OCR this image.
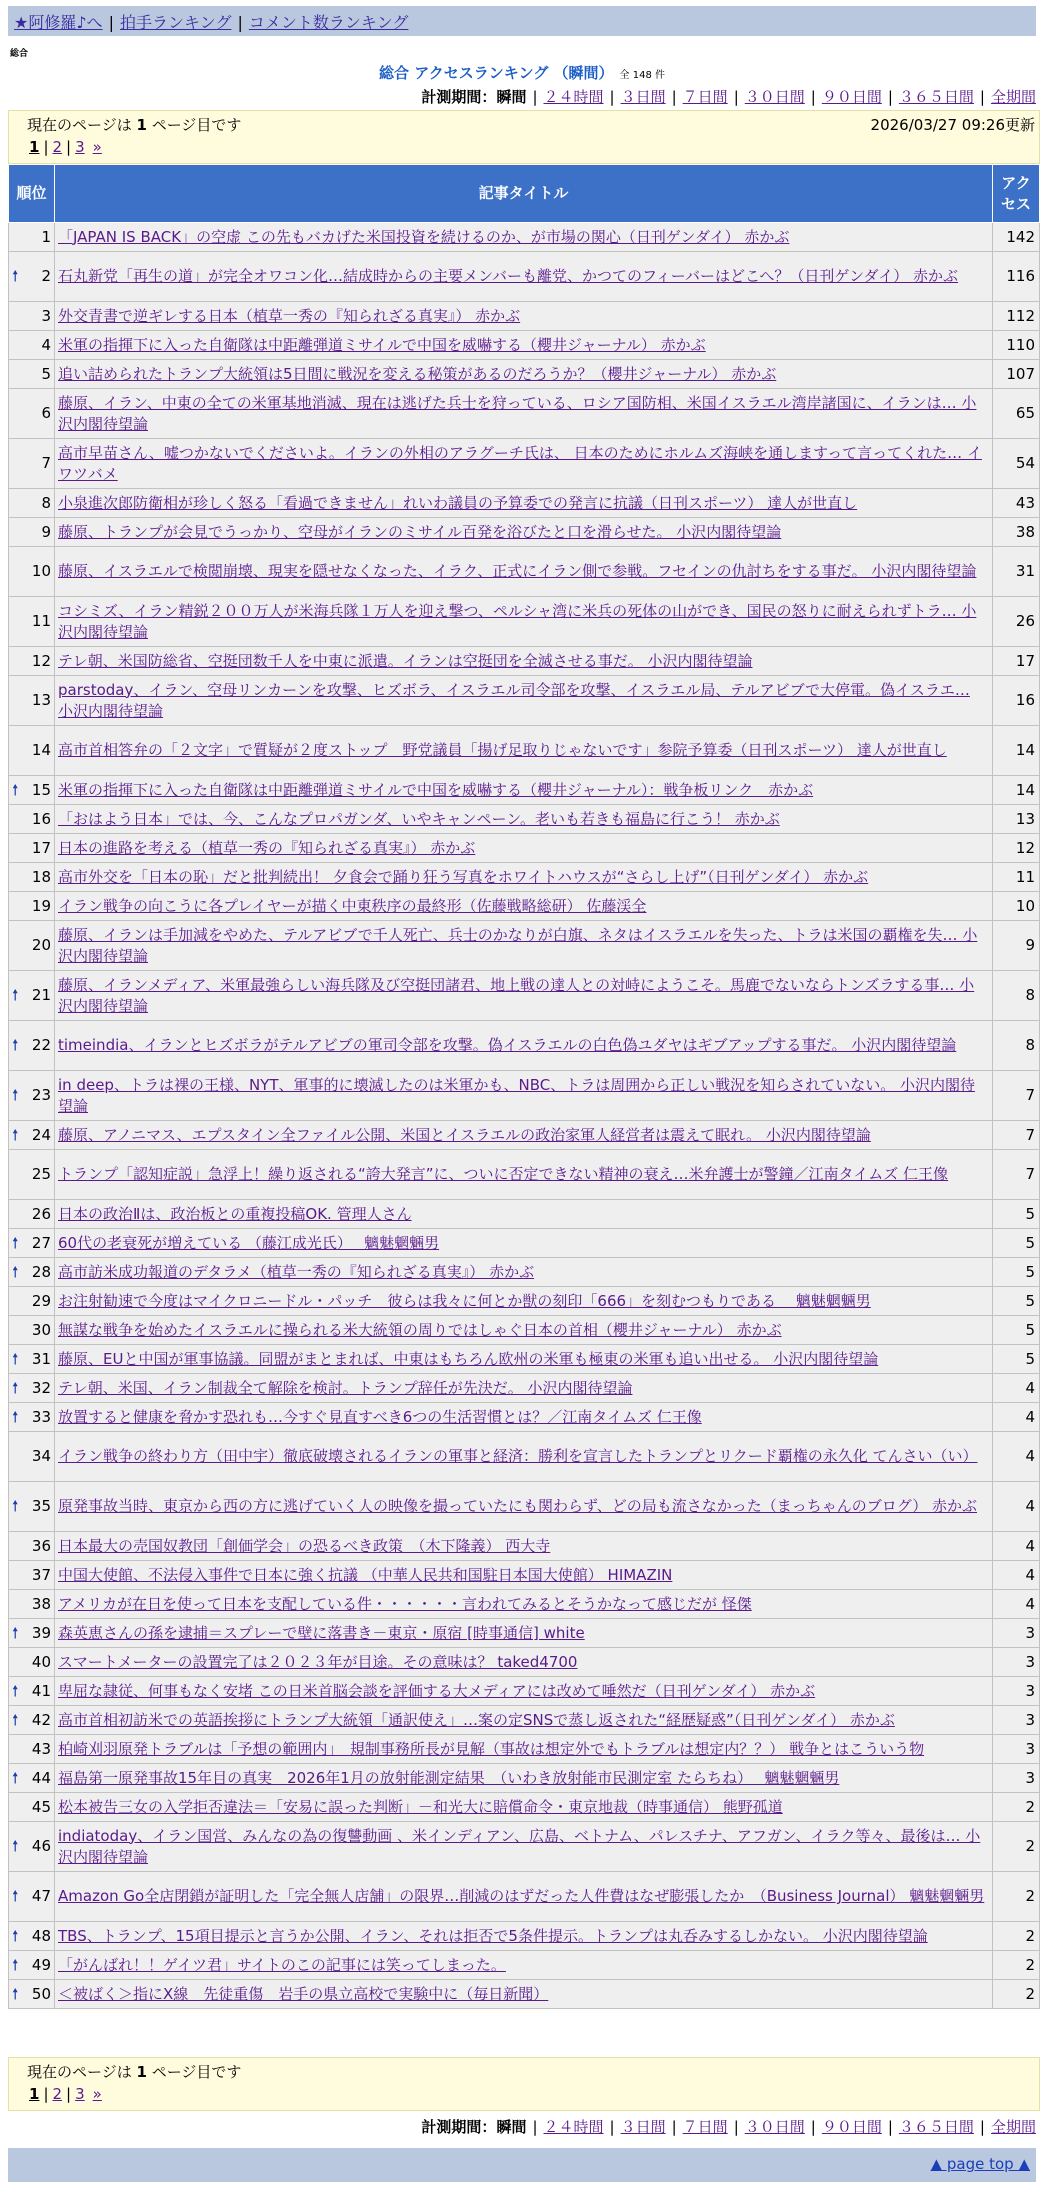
★阿修羅♪へ | 拍手ランキング | コメント数ランキング
総合
総合 アクセスランキング （瞬間） 全 148 件
計測期間：瞬間 | ２４時間 | ３日間 | ７日間 | ３０日間 | ９０日間 | ３６５日間 | 全期間
現在のページは 1 ページ目です	2026/03/27 09:26更新
1 | 2 | 3 »
順位	記事タイトル	アクセス
1	「JAPAN IS BACK」の空虚 この先もバカげた米国投資を続けるのか、が市場の関心（日刊ゲンダイ） 赤かぶ	142

🠕 2	石丸新党「再生の道」が完全オワコン化…結成時からの主要メンバーも離党、かつてのフィーバーはどこへ？（日刊ゲンダイ） 赤かぶ	116
3	外交青書で逆ギレする日本（植草一秀の『知られざる真実』） 赤かぶ	112
4	米軍の指揮下に入った自衛隊は中距離弾道ミサイルで中国を威嚇する（櫻井ジャーナル） 赤かぶ	110
5	追い詰められたトランプ大統領は5日間に戦況を変える秘策があるのだろうか？（櫻井ジャーナル） 赤かぶ	107
6	藤原、イラン、中東の全ての米軍基地消滅、現在は逃げた兵士を狩っている、ロシア国防相、米国イスラエル湾岸諸国に、イランは… 小沢内閣待望論	65
7	高市早苗さん、嘘つかないでくださいよ。イランの外相のアラグーチ氏は、 日本のためにホルムズ海峡を通しますって言ってくれた… イワツバメ	54
8	小泉進次郎防衛相が珍しく怒る「看過できません」れいわ議員の予算委での発言に抗議（日刊スポーツ） 達人が世直し	43
9	藤原、トランプが会見でうっかり、空母がイランのミサイル百発を浴びたと口を滑らせた。 小沢内閣待望論	38
10	藤原、イスラエルで検閲崩壊、現実を隠せなくなった、イラク、正式にイラン側で参戦。フセインの仇討ちをする事だ。 小沢内閣待望論	31
11	コシミズ、イラン精鋭２００万人が米海兵隊１万人を迎え撃つ、ペルシャ湾に米兵の死体の山ができ、国民の怒りに耐えられずトラ… 小沢内閣待望論	26
12	テレ朝、米国防総省、空挺団数千人を中東に派遣。イランは空挺団を全滅させる事だ。 小沢内閣待望論	17
13	parstoday、イラン、空母リンカーンを攻撃、ヒズボラ、イスラエル司令部を攻撃、イスラエル局、テルアビブで大停電。偽イスラエ… 小沢内閣待望論	16
14	高市首相答弁の「２文字」で質疑が２度ストップ　野党議員「揚げ足取りじゃないです」参院予算委（日刊スポーツ） 達人が世直し	14

🠕 15	米軍の指揮下に入った自衛隊は中距離弾道ミサイルで中国を威嚇する（櫻井ジャーナル）：戦争板リンク　赤かぶ	14
16	「おはよう日本」では、今、こんなプロパガンダ、いやキャンペーン。老いも若きも福島に行こう！ 赤かぶ	13
17	日本の進路を考える（植草一秀の『知られざる真実』） 赤かぶ	12
18	高市外交を「日本の恥」だと批判続出！ 夕食会で踊り狂う写真をホワイトハウスが“さらし上げ”（日刊ゲンダイ） 赤かぶ	11
19	イラン戦争の向こうに各プレイヤーが描く中東秩序の最終形（佐藤戦略総研） 佐藤渓全	10
20	藤原、イランは手加減をやめた、テルアビブで千人死亡、兵士のかなりが白旗、ネタはイスラエルを失った、トラは米国の覇権を失… 小沢内閣待望論	9

🠕 21	藤原、イランメディア、米軍最強らしい海兵隊及び空挺団諸君、地上戦の達人との対峙にようこそ。馬鹿でないならトンズラする事… 小沢内閣待望論	8

🠕 22	timeindia、イランとヒズボラがテルアビブの軍司令部を攻撃。偽イスラエルの白色偽ユダヤはギブアップする事だ。 小沢内閣待望論	8

🠕 23	in deep、トラは裸の王様、NYT、軍事的に壊滅したのは米軍かも、NBC、トラは周囲から正しい戦況を知らされていない。 小沢内閣待望論	7

🠕 24	藤原、アノニマス、エプスタイン全ファイル公開、米国とイスラエルの政治家軍人経営者は震えて眠れ。 小沢内閣待望論	7
25	トランプ「認知症説」急浮上！繰り返される“誇大発言”に、ついに否定できない精神の衰え…米弁護士が警鐘／江南タイムズ 仁王像	7
26	日本の政治Ⅱは、政治板との重複投稿OK. 管理人さん	5

🠕 27	60代の老衰死が増えている （藤江成光氏）　 魑魅魍魎男	5

🠕 28	高市訪米成功報道のデタラメ（植草一秀の『知られざる真実』） 赤かぶ	5
29	お注射勧速で今度はマイクロニードル・パッチ　彼らは我々に何とか獣の刻印「666」を刻むつもりである　 魑魅魍魎男	5
30	無謀な戦争を始めたイスラエルに操られる米大統領の周りではしゃぐ日本の首相（櫻井ジャーナル） 赤かぶ	5

🠕 31	藤原、EUと中国が軍事協議。同盟がまとまれば、中東はもちろん欧州の米軍も極東の米軍も追い出せる。 小沢内閣待望論	5

🠕 32	テレ朝、米国、イラン制裁全て解除を検討。トランプ辞任が先決だ。 小沢内閣待望論	4

🠕 33	放置すると健康を脅かす恐れも…今すぐ見直すべき6つの生活習慣とは？／江南タイムズ 仁王像	4
34	イラン戦争の終わり方（田中宇）徹底破壊されるイランの軍事と経済：勝利を宣言したトランプとリクード覇権の永久化 てんさい（い）	4

🠕 35	原発事故当時、東京から西の方に逃げていく人の映像を撮っていたにも関わらず、どの局も流さなかった（まっちゃんのブログ） 赤かぶ	4
36	日本最大の売国奴教団「創価学会」の恐るべき政策　（木下隆義） 西大寺	4
37	中国大使館、不法侵入事件で日本に強く抗議 （中華人民共和国駐日本国大使館） HIMAZIN	4
38	アメリカが在日を使って日本を支配している件・・・・・・言われてみるとそうかなって感じだが 怪傑	4

🠕 39	森英恵さんの孫を逮捕＝スプレーで壁に落書き－東京・原宿 [時事通信] white	3
40	スマートメーターの設置完了は２０２３年が目途。その意味は？ taked4700	3

🠕 41	卑屈な隷従、何事もなく安堵 この日米首脳会談を評価する大メディアには改めて唾然だ（日刊ゲンダイ） 赤かぶ	3

🠕 42	高市首相初訪米での英語挨拶にトランプ大統領「通訳使え」…案の定SNSで蒸し返された“経歴疑惑”（日刊ゲンダイ） 赤かぶ	3
43	柏崎刈羽原発トラブルは「予想の範囲内」　規制事務所長が見解（事故は想定外でもトラブルは想定内？？） 戦争とはこういう物	3

🠕 44	福島第一原発事故15年目の真実　2026年1月の放射能測定結果　（いわき放射能市民測定室 たらちね）　 魑魅魍魎男	3
45	松本被告三女の入学拒否違法＝「安易に誤った判断」－和光大に賠償命令・東京地裁（時事通信） 熊野孤道	2

🠕 46	indiatoday、イラン国営、みんなの為の復讐動画 、米インディアン、広島、ベトナム、パレスチナ、アフガン、イラク等々、最後は… 小沢内閣待望論	2

🠕 47	Amazon Go全店閉鎖が証明した「完全無人店舗」の限界…削減のはずだった人件費はなぜ膨張したか　（Business Journal） 魑魅魍魎男	2

🠕 48	TBS、トランプ、15項目提示と言うか公開、イラン、それは拒否で5条件提示。トランプは丸呑みするしかない。 小沢内閣待望論	2

🠕 49	「がんばれ！！ゲイツ君」サイトのこの記事には笑ってしまった。	2

🠕 50	＜被ばく＞指にX線　先徒重傷　岩手の県立高校で実験中に（毎日新聞）	2
現在のページは 1 ページ目です
1 | 2 | 3 »
計測期間：瞬間 | ２４時間 | ３日間 | ７日間 | ３０日間 | ９０日間 | ３６５日間 | 全期間
▲ page top ▲
